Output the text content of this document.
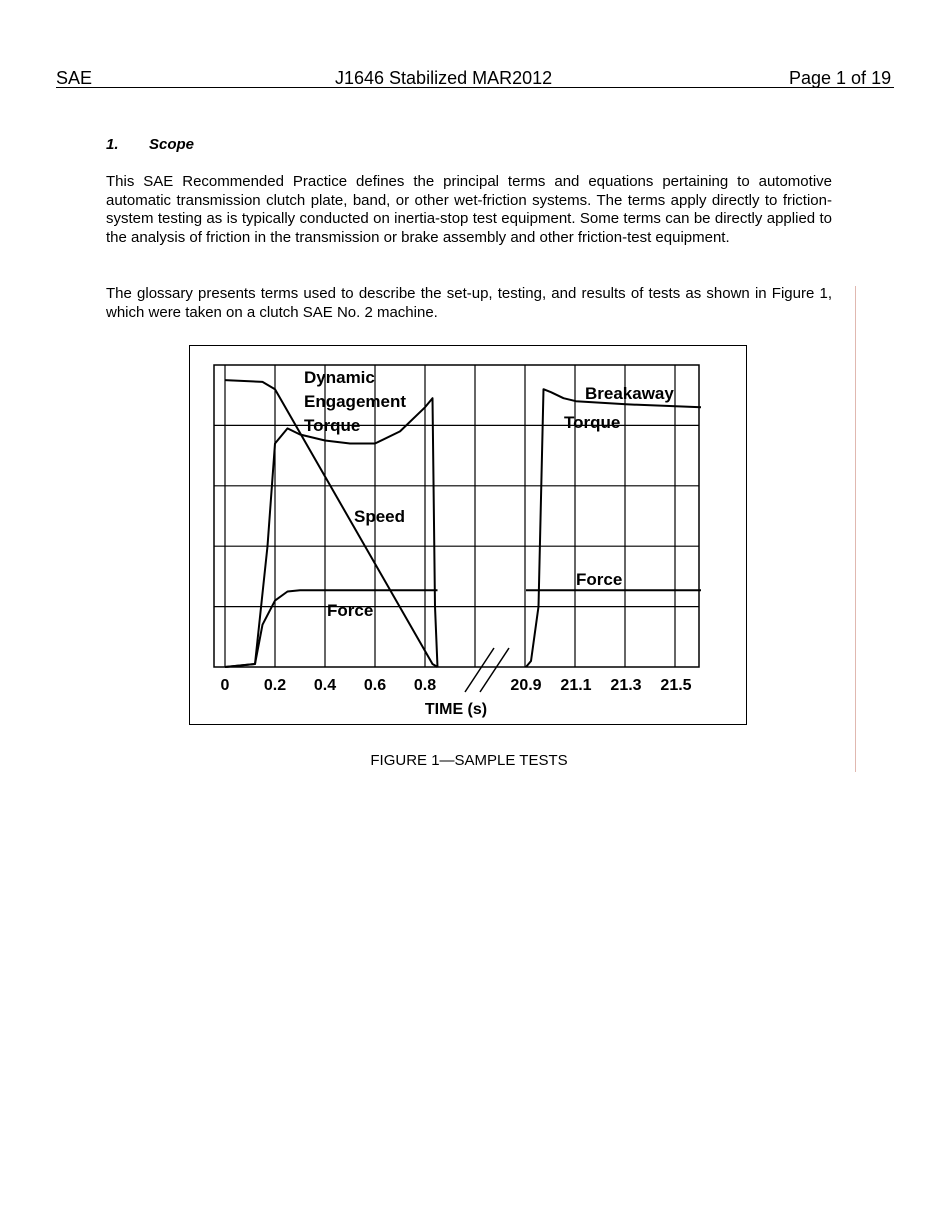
SAE	J1646 Stabilized MAR2012	Page 1 of 19
1. Scope
This SAE Recommended Practice defines the principal terms and equations pertaining to automotive automatic transmission clutch plate, band, or other wet-friction systems. The terms apply directly to friction-system testing as is typically conducted on inertia-stop test equipment. Some terms can be directly applied to the analysis of friction in the transmission or brake assembly and other friction-test equipment.
The glossary presents terms used to describe the set-up, testing, and results of tests as shown in Figure 1, which were taken on a clutch SAE No. 2 machine.
0 0.2 0.4 0.6 0.8	20.9 21.1 21.3 21.5
TIME (s)
Dynamic
Engagement
Torque
Breakaway
Torque
Speed
Force
Force
FIGURE 1—SAMPLE TESTS
